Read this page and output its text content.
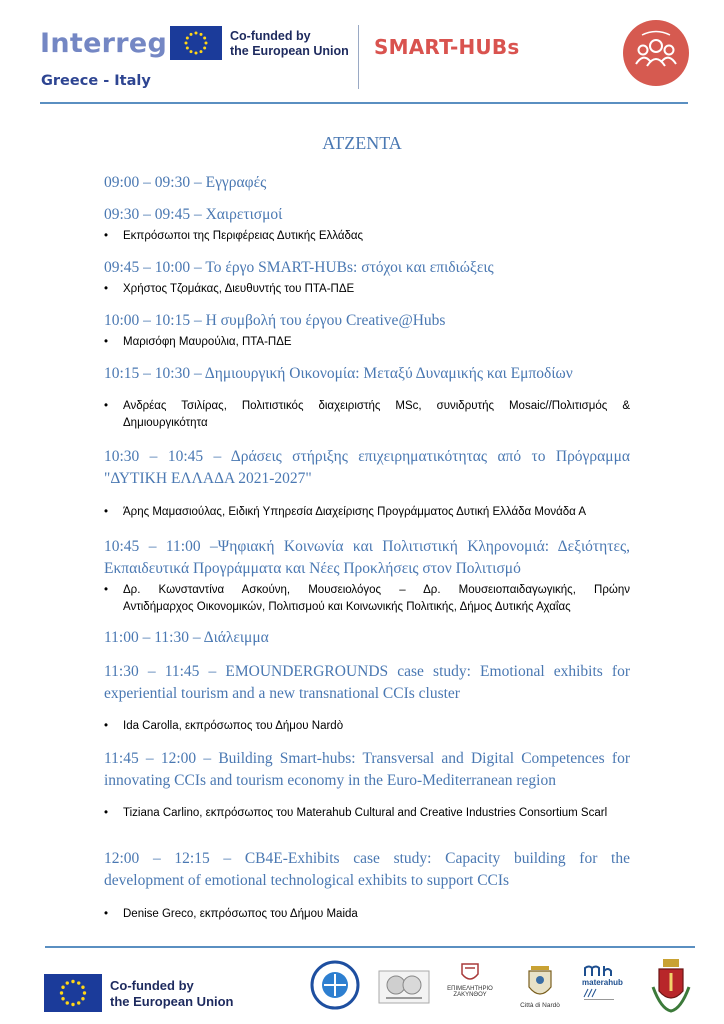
Interreg
Greece - Italy
Co-funded by
the European Union SMART-HUBs
ΑΤΖΕΝΤΑ
09:00 – 09:30 – Εγγραφές
09:30 – 09:45 – Χαιρετισμοί
•	Εκπρόσωποι της Περιφέρειας Δυτικής Ελλάδας
09:45 – 10:00 – Το έργο SMART-HUBs: στόχοι και επιδιώξεις
•	Χρήστος Τζομάκας, Διευθυντής του ΠΤΑ-ΠΔΕ
10:00 – 10:15 – Η συμβολή του έργου Creative@Hubs
•	Μαρισόφη Μαυρούλια, ΠΤΑ-ΠΔΕ
10:15 – 10:30 – Δημιουργική Οικονομία: Μεταξύ Δυναμικής και Εμποδίων
•	Ανδρέας Τσιλίρας, Πολιτιστικός διαχειριστής MSc, συνιδρυτής Mosaic//Πολιτισμός &
Δημιουργικότητα
10:30 – 10:45 – Δράσεις στήριξης επιχειρηματικότητας από το Πρόγραμμα
"ΔΥΤΙΚΗ ΕΛΛΑΔΑ 2021-2027"
•	Άρης Μαμασιούλας, Ειδική Υπηρεσία Διαχείρισης Προγράμματος Δυτική Ελλάδα Μονάδα Α
10:45 – 11:00 –Ψηφιακή Κοινωνία και Πολιτιστική Κληρονομιά: Δεξιότητες,
Εκπαιδευτικά Προγράμματα και Νέες Προκλήσεις στον Πολιτισμό
•	Δρ. Κωνσταντίνα Ασκούνη, Μουσειολόγος – Δρ. Μουσειοπαιδαγωγικής, Πρώην
Αντιδήμαρχος Οικονομικών, Πολιτισμού και Κοινωνικής Πολιτικής, Δήμος Δυτικής Αχαΐας
11:00 – 11:30 – Διάλειμμα
11:30 – 11:45 – EMOUNDERGROUNDS case study: Emotional exhibits for
experiential tourism and a new transnational CCIs cluster
•	Ida Carolla, εκπρόσωπος του Δήμου Nardò
11:45 – 12:00 – Building Smart-hubs: Transversal and Digital Competences for
innovating CCIs and tourism economy in the Euro-Mediterranean region
•	Tiziana Carlino, εκπρόσωπος του Materahub Cultural and Creative Industries Consortium Scarl
12:00 – 12:15 – CB4E-Exhibits case study: Capacity building for the
development of emotional technological exhibits to support CCIs
•	Denise Greco, εκπρόσωπος του Δήμου Maida
Co-funded by
the European Union
ΕΠΙΜΕΛΗΤΗΡΙΟ
ΖΑΚΥΝΘΟΥ
Città di Nardò
materahub
